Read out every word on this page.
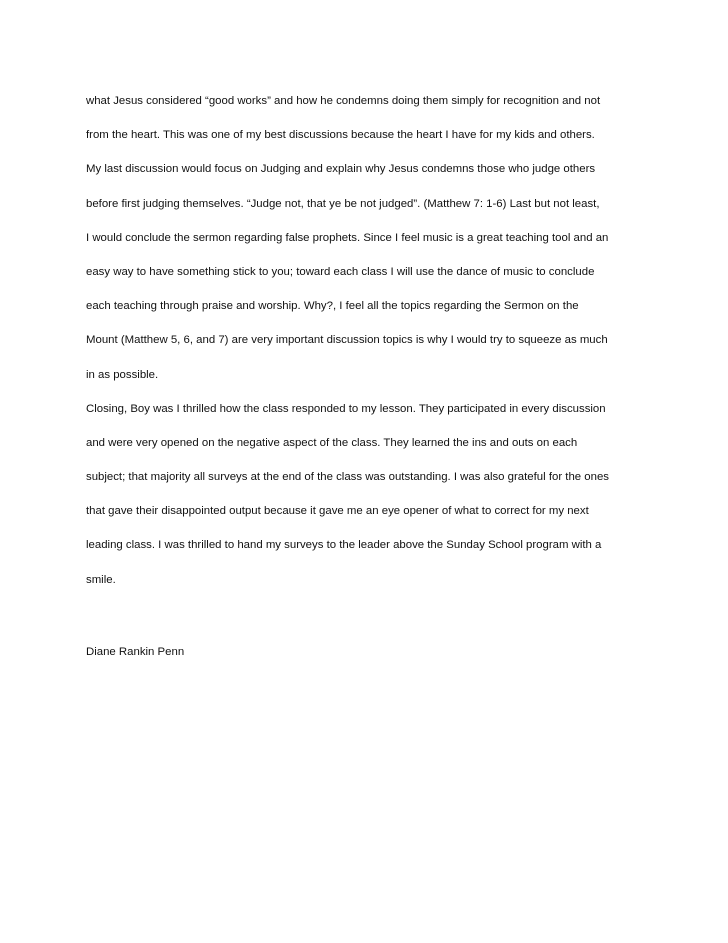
what Jesus considered “good works” and how he condemns doing them simply for recognition and not
from the heart. This was one of my best discussions because the heart I have for my kids and others.
My last discussion would focus on Judging and explain why Jesus condemns those who judge others
before first judging themselves. “Judge not, that ye be not judged”. (Matthew 7: 1-6) Last but not least,
I would conclude the sermon regarding false prophets. Since I feel music is a great teaching tool and an
easy way to have something stick to you; toward each class I will use the dance of music to conclude
each teaching through praise and worship. Why?, I feel all the topics regarding the Sermon on the
Mount (Matthew 5, 6, and 7) are very important discussion topics is why I would try to squeeze as much
in as possible.
Closing, Boy was I thrilled how the class responded to my lesson. They participated in every discussion
and were very opened on the negative aspect of the class. They learned the ins and outs on each
subject; that majority all surveys at the end of the class was outstanding. I was also grateful for the ones
that gave their disappointed output because it gave me an eye opener of what to correct for my next
leading class. I was thrilled to hand my surveys to the leader above the Sunday School program with a
smile.
Diane Rankin Penn
